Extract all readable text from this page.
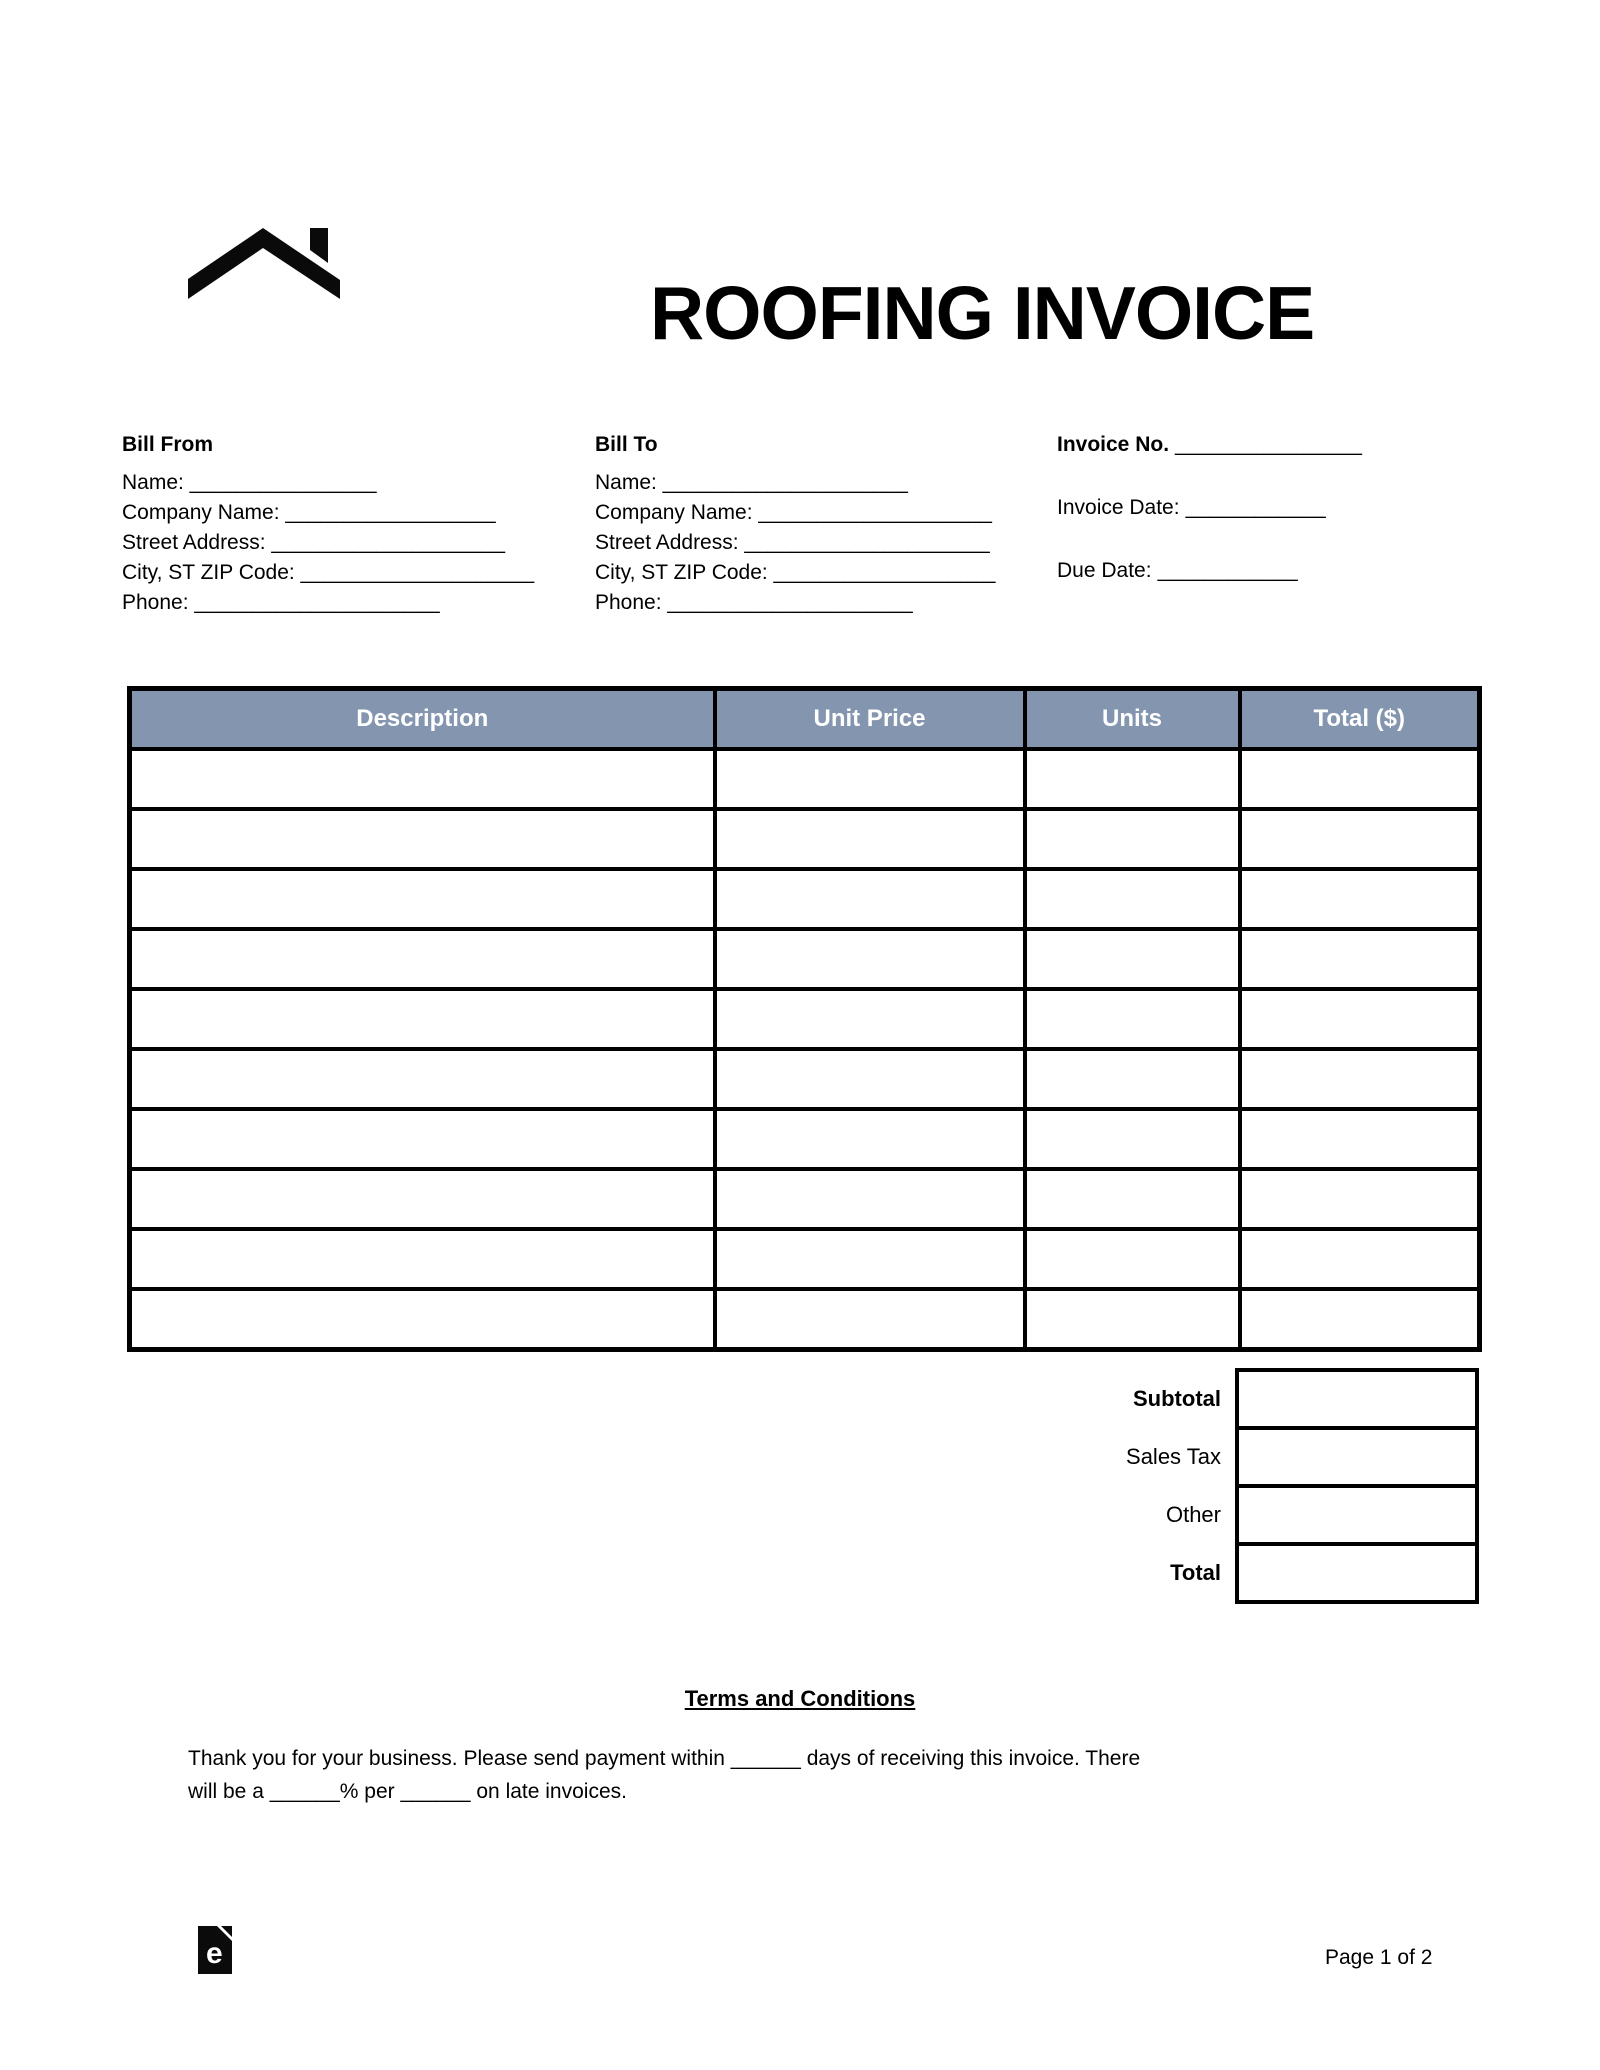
ROOFING INVOICE
Bill From
Name: ________________
Company Name: __________________
Street Address: ____________________
City, ST ZIP Code: ____________________
Phone: _____________________
Bill To
Name: _____________________
Company Name: ____________________
Street Address: _____________________
City, ST ZIP Code: ___________________
Phone: _____________________
Invoice No. ________________
Invoice Date: ____________
Due Date: ____________
Description	Unit Price	Units	Total ($)

Subtotal	
Sales Tax	
Other	
Total	
Terms and Conditions
Thank you for your business. Please send payment within ______ days of receiving this invoice. There
will be a ______% per ______ on late invoices.
e	Page 1 of 2
